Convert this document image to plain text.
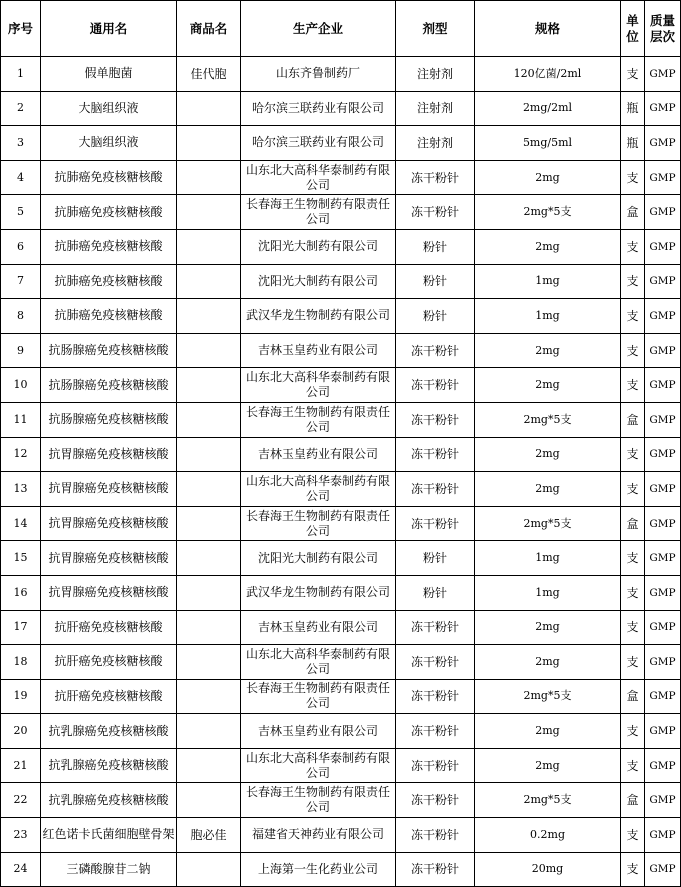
序号	通用名	商品名	生产企业	剂型	规格	单位	质量层次
1	假单胞菌	佳代胞	山东齐鲁制药厂	注射剂	120亿菌/2ml	支	GMP
2	大脑组织液		哈尔滨三联药业有限公司	注射剂	2mg/2ml	瓶	GMP
3	大脑组织液		哈尔滨三联药业有限公司	注射剂	5mg/5ml	瓶	GMP
4	抗肺癌免疫核糖核酸		山东北大高科华泰制药有限公司	冻干粉针	2mg	支	GMP
5	抗肺癌免疫核糖核酸		长春海王生物制药有限责任公司	冻干粉针	2mg*5支	盒	GMP
6	抗肺癌免疫核糖核酸		沈阳光大制药有限公司	粉针	2mg	支	GMP
7	抗肺癌免疫核糖核酸		沈阳光大制药有限公司	粉针	1mg	支	GMP
8	抗肺癌免疫核糖核酸		武汉华龙生物制药有限公司	粉针	1mg	支	GMP
9	抗肠腺癌免疫核糖核酸		吉林玉皇药业有限公司	冻干粉针	2mg	支	GMP
10	抗肠腺癌免疫核糖核酸		山东北大高科华泰制药有限公司	冻干粉针	2mg	支	GMP
11	抗肠腺癌免疫核糖核酸		长春海王生物制药有限责任公司	冻干粉针	2mg*5支	盒	GMP
12	抗胃腺癌免疫核糖核酸		吉林玉皇药业有限公司	冻干粉针	2mg	支	GMP
13	抗胃腺癌免疫核糖核酸		山东北大高科华泰制药有限公司	冻干粉针	2mg	支	GMP
14	抗胃腺癌免疫核糖核酸		长春海王生物制药有限责任公司	冻干粉针	2mg*5支	盒	GMP
15	抗胃腺癌免疫核糖核酸		沈阳光大制药有限公司	粉针	1mg	支	GMP
16	抗胃腺癌免疫核糖核酸		武汉华龙生物制药有限公司	粉针	1mg	支	GMP
17	抗肝癌免疫核糖核酸		吉林玉皇药业有限公司	冻干粉针	2mg	支	GMP
18	抗肝癌免疫核糖核酸		山东北大高科华泰制药有限公司	冻干粉针	2mg	支	GMP
19	抗肝癌免疫核糖核酸		长春海王生物制药有限责任公司	冻干粉针	2mg*5支	盒	GMP
20	抗乳腺癌免疫核糖核酸		吉林玉皇药业有限公司	冻干粉针	2mg	支	GMP
21	抗乳腺癌免疫核糖核酸		山东北大高科华泰制药有限公司	冻干粉针	2mg	支	GMP
22	抗乳腺癌免疫核糖核酸		长春海王生物制药有限责任公司	冻干粉针	2mg*5支	盒	GMP
23	红色诺卡氏菌细胞壁骨架	胞必佳	福建省天神药业有限公司	冻干粉针	0.2mg	支	GMP
24	三磷酸腺苷二钠		上海第一生化药业公司	冻干粉针	20mg	支	GMP
